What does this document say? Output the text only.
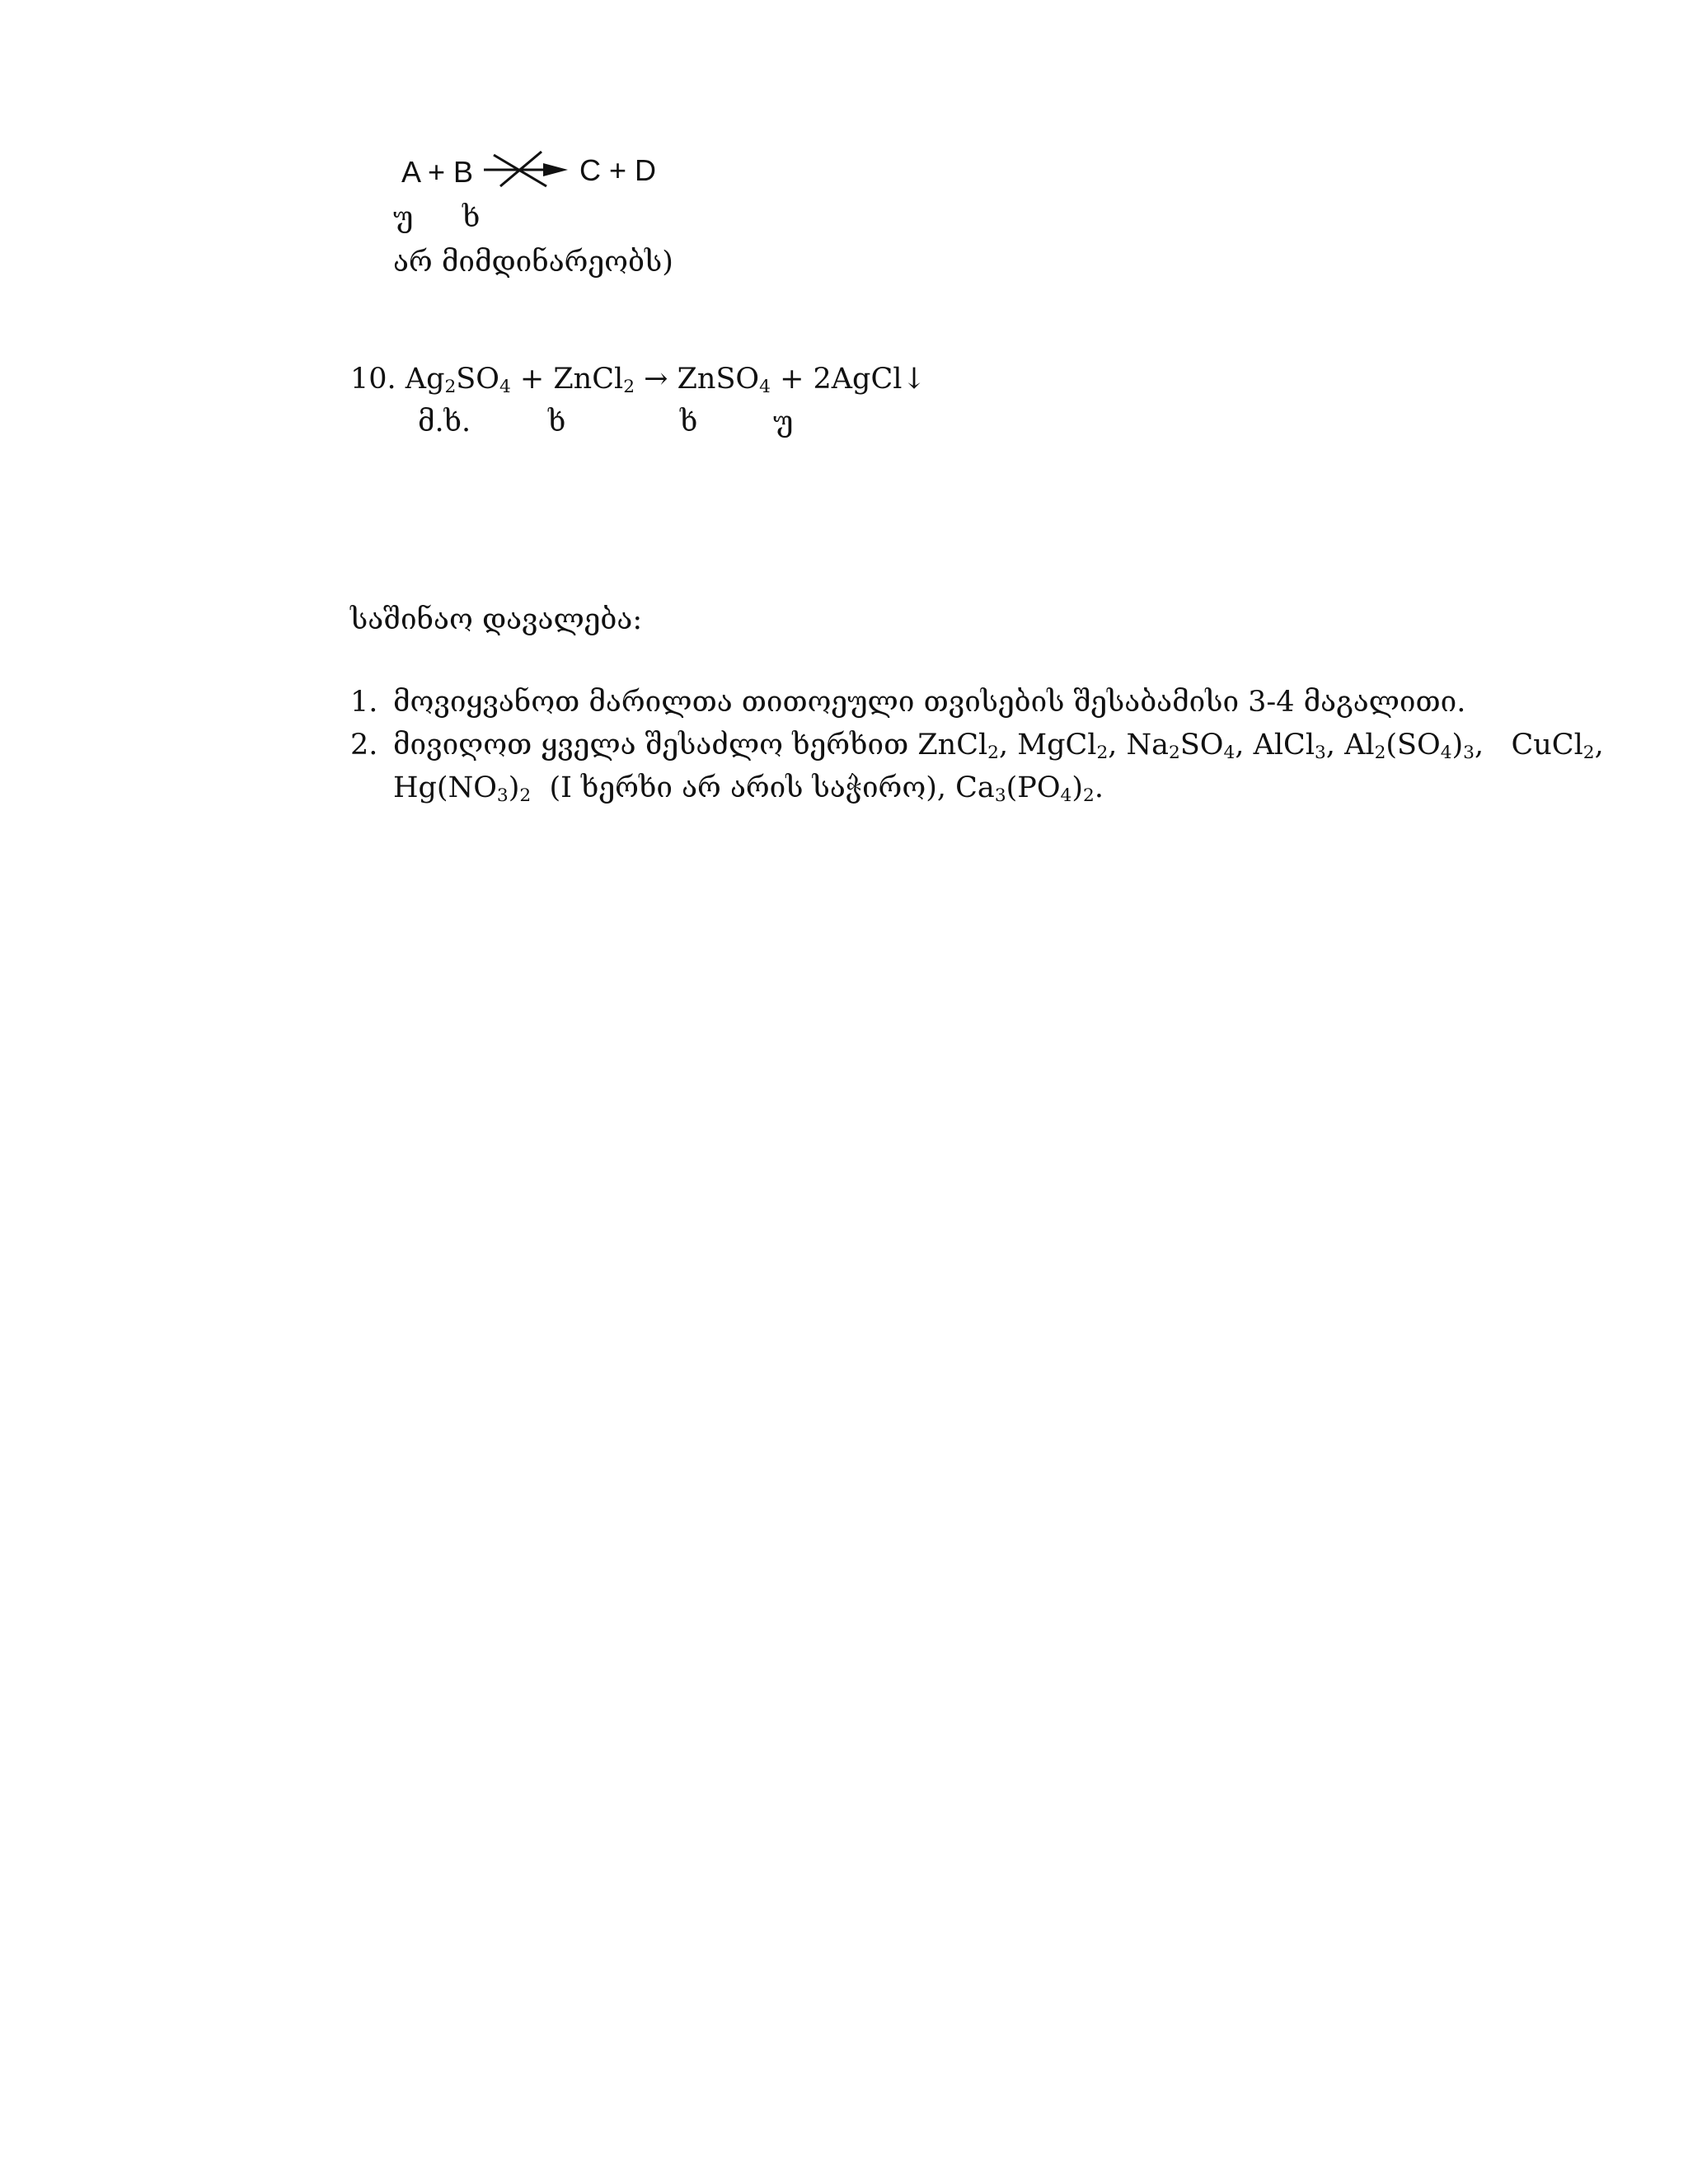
A + B	C + D
უ ხ
არ მიმდინარეობს)
10. $Ag_2SO_4$ + ZnCl$_2$ → ZnSO$_4$ + 2AgCl↓
მ.ხ.	ხ	ხ	უ
საშინაო დავალება:
1. მოვიყვანოთ მარილთა თითოეული თვისების შესაბამისი 3-4 მაგალითი.
2. მივიღოთ ყველა შესაძლო ხერხით ZnCl$_2$, MgCl$_2$, $Na_2SO_4$, AlCl$_3$, $Al_2(SO_4)_3$,   CuCl$_2$,
$Hg(NO_3)_2$ (I ხერხი არ არის საჭირო), $Ca_3(PO_4)_2$.
